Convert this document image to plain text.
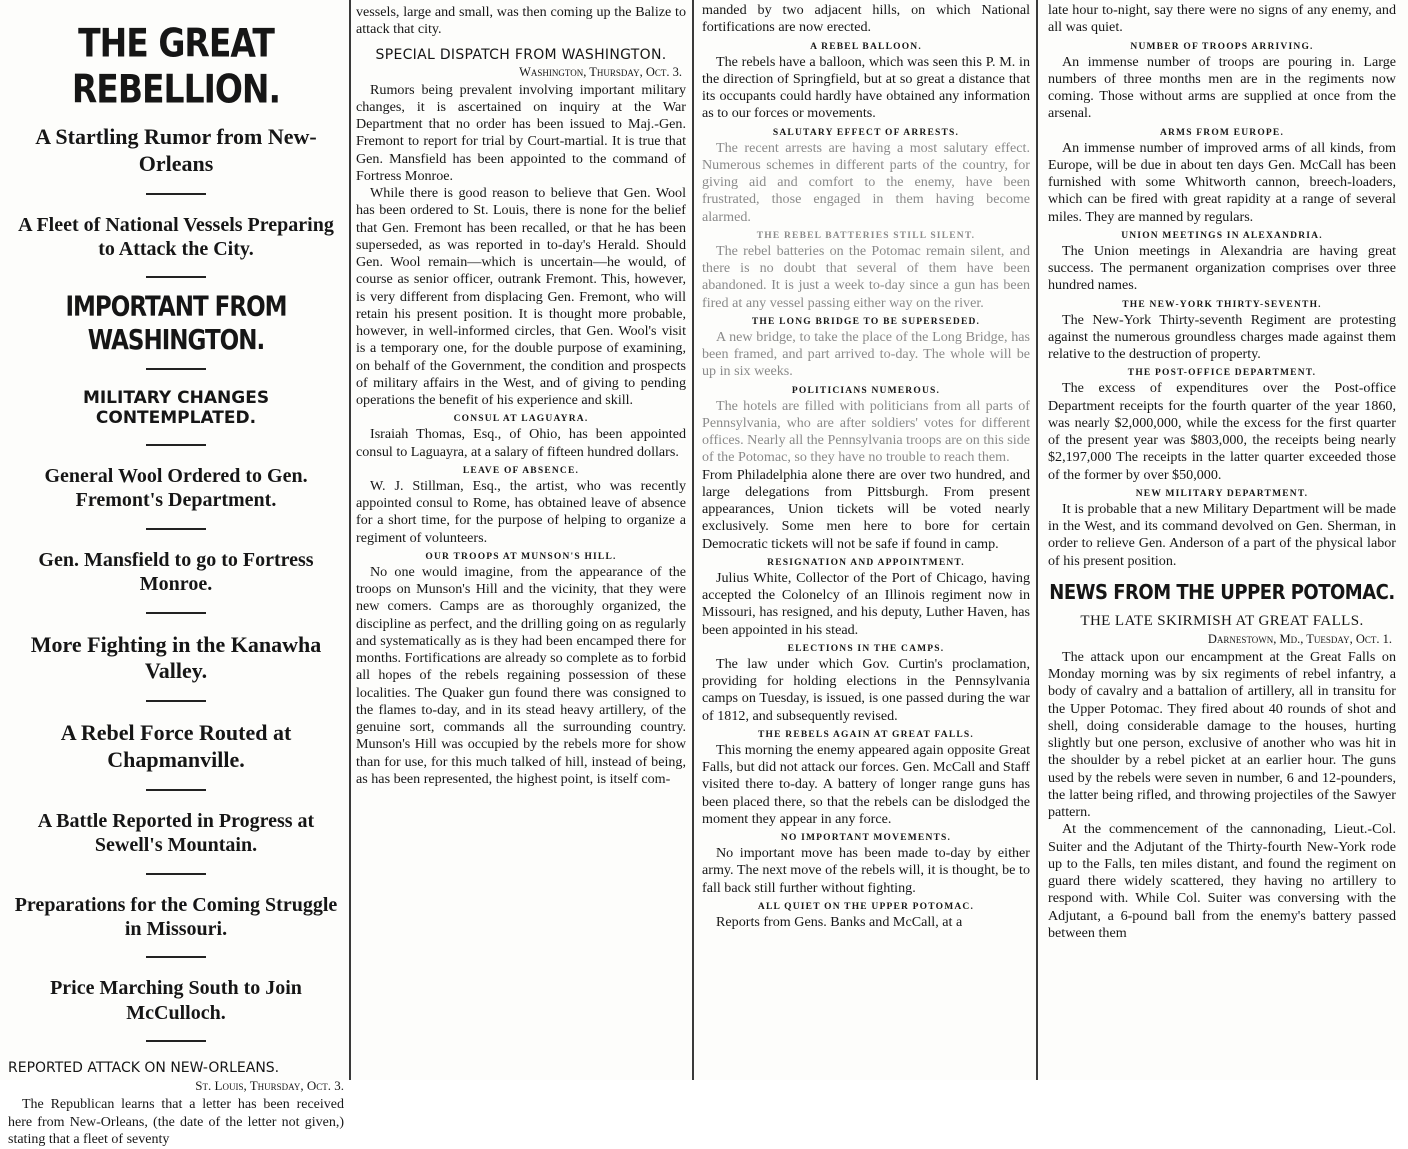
THE GREAT REBELLION.
A Startling Rumor from New-Orleans
A Fleet of National Vessels Preparing to Attack the City.
IMPORTANT FROM WASHINGTON.
MILITARY CHANGES CONTEMPLATED.
General Wool Ordered to Gen. Fremont's Department.
Gen. Mansfield to go to Fortress Monroe.
More Fighting in the Kanawha Valley.
A Rebel Force Routed at Chapmanville.
A Battle Reported in Progress at Sewell's Mountain.
Preparations for the Coming Struggle in Missouri.
Price Marching South to Join McCulloch.
REPORTED ATTACK ON NEW-ORLEANS.
St. Louis, Thursday, Oct. 3.

The Republican learns that a letter has been received here from New-Orleans, (the date of the letter not given,) stating that a fleet of seventy

vessels, large and small, was then coming up the Balize to attack that city.

SPECIAL DISPATCH FROM WASHINGTON.
Washington, Thursday, Oct. 3.

Rumors being prevalent involving important military changes, it is ascertained on inquiry at the War Department that no order has been issued to Maj.-Gen. Fremont to report for trial by Court-martial. It is true that Gen. Mansfield has been appointed to the command of Fortress Monroe.

While there is good reason to believe that Gen. Wool has been ordered to St. Louis, there is none for the belief that Gen. Fremont has been recalled, or that he has been superseded, as was reported in to-day's Herald. Should Gen. Wool remain—which is uncertain—he would, of course as senior officer, outrank Fremont. This, however, is very different from displacing Gen. Fremont, who will retain his present position. It is thought more probable, however, in well-informed circles, that Gen. Wool's visit is a temporary one, for the double purpose of examining, on behalf of the Government, the condition and prospects of military affairs in the West, and of giving to pending operations the benefit of his experience and skill.

CONSUL AT LAGUAYRA.

Israiah Thomas, Esq., of Ohio, has been appointed consul to Laguayra, at a salary of fifteen hundred dollars.

LEAVE OF ABSENCE.

W. J. Stillman, Esq., the artist, who was recently appointed consul to Rome, has obtained leave of absence for a short time, for the purpose of helping to organize a regiment of volunteers.

OUR TROOPS AT MUNSON'S HILL.

No one would imagine, from the appearance of the troops on Munson's Hill and the vicinity, that they were new comers. Camps are as thoroughly organized, the discipline as perfect, and the drilling going on as regularly and systematically as is they had been encamped there for months. Fortifications are already so complete as to forbid all hopes of the rebels regaining possession of these localities. The Quaker gun found there was consigned to the flames to-day, and in its stead heavy artillery, of the genuine sort, commands all the surrounding country. Munson's Hill was occupied by the rebels more for show than for use, for this much talked of hill, instead of being, as has been represented, the highest point, is itself com-

manded by two adjacent hills, on which National fortifications are now erected.

A REBEL BALLOON.

The rebels have a balloon, which was seen this P. M. in the direction of Springfield, but at so great a distance that its occupants could hardly have obtained any information as to our forces or movements.

SALUTARY EFFECT OF ARRESTS.

The recent arrests are having a most salutary effect. Numerous schemes in different parts of the country, for giving aid and comfort to the enemy, have been frustrated, those engaged in them having become alarmed.

THE REBEL BATTERIES STILL SILENT.

The rebel batteries on the Potomac remain silent, and there is no doubt that several of them have been abandoned. It is just a week to-day since a gun has been fired at any vessel passing either way on the river.

THE LONG BRIDGE TO BE SUPERSEDED.

A new bridge, to take the place of the Long Bridge, has been framed, and part arrived to-day. The whole will be up in six weeks.

POLITICIANS NUMEROUS.

The hotels are filled with politicians from all parts of Pennsylvania, who are after soldiers' votes for different offices. Nearly all the Pennsylvania troops are on this side of the Potomac, so they have no trouble to reach them.

From Philadelphia alone there are over two hundred, and large delegations from Pittsburgh. From present appearances, Union tickets will be voted nearly exclusively. Some men here to bore for certain Democratic tickets will not be safe if found in camp.

RESIGNATION AND APPOINTMENT.

Julius White, Collector of the Port of Chicago, having accepted the Colonelcy of an Illinois regiment now in Missouri, has resigned, and his deputy, Luther Haven, has been appointed in his stead.

ELECTIONS IN THE CAMPS.

The law under which Gov. Curtin's proclamation, providing for holding elections in the Pennsylvania camps on Tuesday, is issued, is one passed during the war of 1812, and subsequently revised.

THE REBELS AGAIN AT GREAT FALLS.

This morning the enemy appeared again opposite Great Falls, but did not attack our forces. Gen. McCall and Staff visited there to-day. A battery of longer range guns has been placed there, so that the rebels can be dislodged the moment they appear in any force.

NO IMPORTANT MOVEMENTS.

No important move has been made to-day by either army. The next move of the rebels will, it is thought, be to fall back still further without fighting.

ALL QUIET ON THE UPPER POTOMAC.

Reports from Gens. Banks and McCall, at a

late hour to-night, say there were no signs of any enemy, and all was quiet.

NUMBER OF TROOPS ARRIVING.

An immense number of troops are pouring in. Large numbers of three months men are in the regiments now coming. Those without arms are supplied at once from the arsenal.

ARMS FROM EUROPE.

An immense number of improved arms of all kinds, from Europe, will be due in about ten days Gen. McCall has been furnished with some Whitworth cannon, breech-loaders, which can be fired with great rapidity at a range of several miles. They are manned by regulars.

UNION MEETINGS IN ALEXANDRIA.

The Union meetings in Alexandria are having great success. The permanent organization comprises over three hundred names.

THE NEW-YORK THIRTY-SEVENTH.

The New-York Thirty-seventh Regiment are protesting against the numerous groundless charges made against them relative to the destruction of property.

THE POST-OFFICE DEPARTMENT.

The excess of expenditures over the Post-office Department receipts for the fourth quarter of the year 1860, was nearly $2,000,000, while the excess for the first quarter of the present year was $803,000, the receipts being nearly $2,197,000 The receipts in the latter quarter exceeded those of the former by over $50,000.

NEW MILITARY DEPARTMENT.

It is probable that a new Military Department will be made in the West, and its command devolved on Gen. Sherman, in order to relieve Gen. Anderson of a part of the physical labor of his present position.

NEWS FROM THE UPPER POTOMAC.
THE LATE SKIRMISH AT GREAT FALLS.
Darnestown, Md., Tuesday, Oct. 1.

The attack upon our encampment at the Great Falls on Monday morning was by six regiments of rebel infantry, a body of cavalry and a battalion of artillery, all in transitu for the Upper Potomac. They fired about 40 rounds of shot and shell, doing considerable damage to the houses, hurting slightly but one person, exclusive of another who was hit in the shoulder by a rebel picket at an earlier hour. The guns used by the rebels were seven in number, 6 and 12-pounders, the latter being rifled, and throwing projectiles of the Sawyer pattern.

At the commencement of the cannonading, Lieut.-Col. Suiter and the Adjutant of the Thirty-fourth New-York rode up to the Falls, ten miles distant, and found the regiment on guard there widely scattered, they having no artillery to respond with. While Col. Suiter was conversing with the Adjutant, a 6-pound ball from the enemy's battery passed between them
